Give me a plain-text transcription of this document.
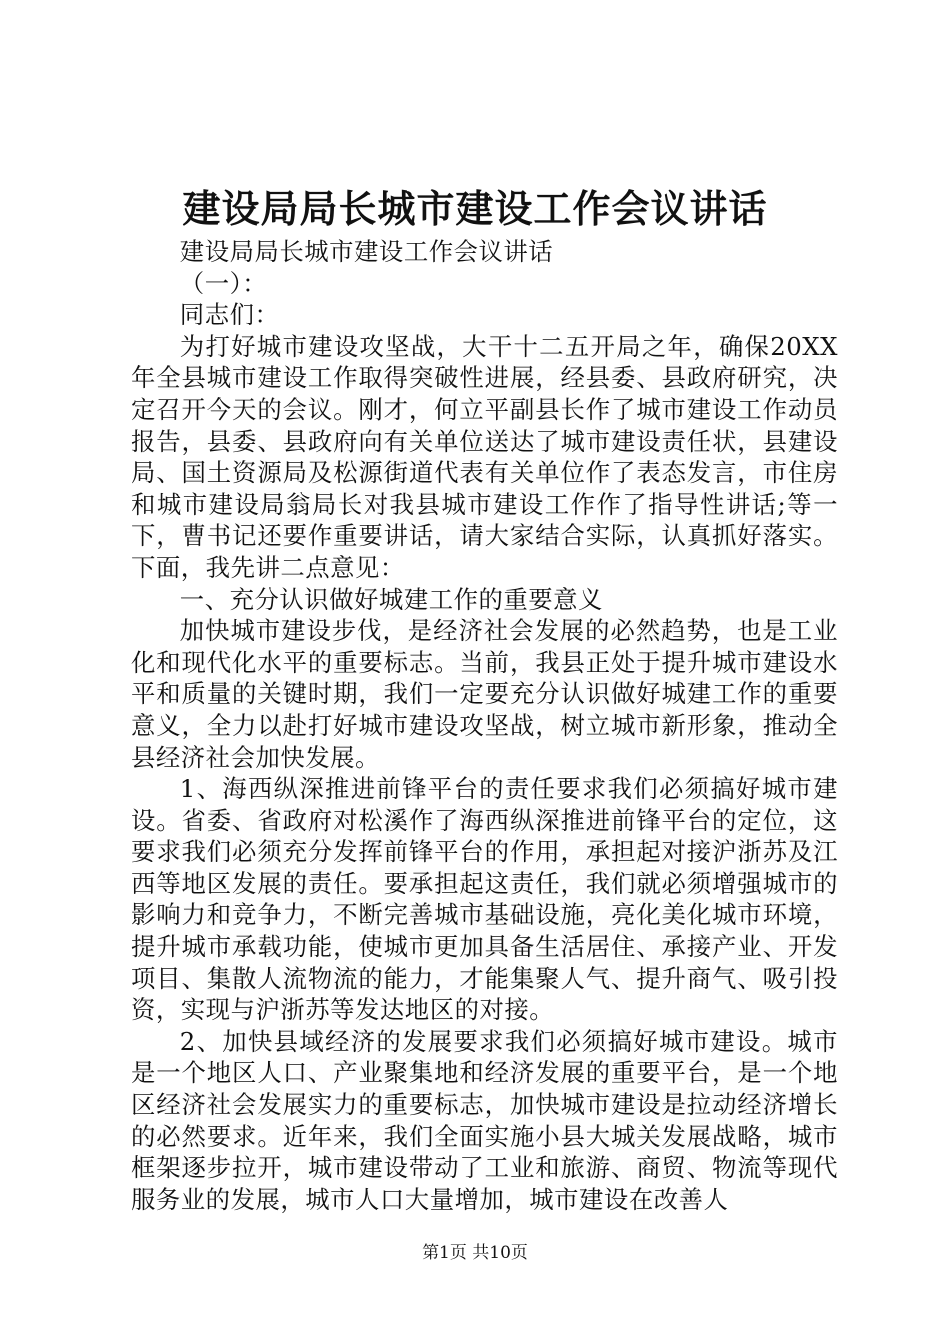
建设局局长城市建设工作会议讲话

建设局局长城市建设工作会议讲话

（一）：

同志们：

为打好城市建设攻坚战，大干十二五开局之年，确保20XX年全县城市建设工作取得突破性进展，经县委、县政府研究，决定召开今天的会议。刚才，何立平副县长作了城市建设工作动员报告，县委、县政府向有关单位送达了城市建设责任状，县建设局、国土资源局及松源街道代表有关单位作了表态发言，市住房和城市建设局翁局长对我县城市建设工作作了指导性讲话;等一下，曹书记还要作重要讲话，请大家结合实际，认真抓好落实。下面，我先讲二点意见：

一、充分认识做好城建工作的重要意义

加快城市建设步伐，是经济社会发展的必然趋势，也是工业化和现代化水平的重要标志。当前，我县正处于提升城市建设水平和质量的关键时期，我们一定要充分认识做好城建工作的重要意义，全力以赴打好城市建设攻坚战，树立城市新形象，推动全县经济社会加快发展。

1、海西纵深推进前锋平台的责任要求我们必须搞好城市建设。省委、省政府对松溪作了海西纵深推进前锋平台的定位，这要求我们必须充分发挥前锋平台的作用，承担起对接沪浙苏及江西等地区发展的责任。要承担起这责任，我们就必须增强城市的影响力和竞争力，不断完善城市基础设施，亮化美化城市环境，提升城市承载功能，使城市更加具备生活居住、承接产业、开发项目、集散人流物流的能力，才能集聚人气、提升商气、吸引投资，实现与沪浙苏等发达地区的对接。

2、加快县域经济的发展要求我们必须搞好城市建设。城市是一个地区人口、产业聚集地和经济发展的重要平台，是一个地区经济社会发展实力的重要标志，加快城市建设是拉动经济增长的必然要求。近年来，我们全面实施小县大城关发展战略，城市框架逐步拉开，城市建设带动了工业和旅游、商贸、物流等现代服务业的发展，城市人口大量增加，城市建设在改善人

第1页 共10页
